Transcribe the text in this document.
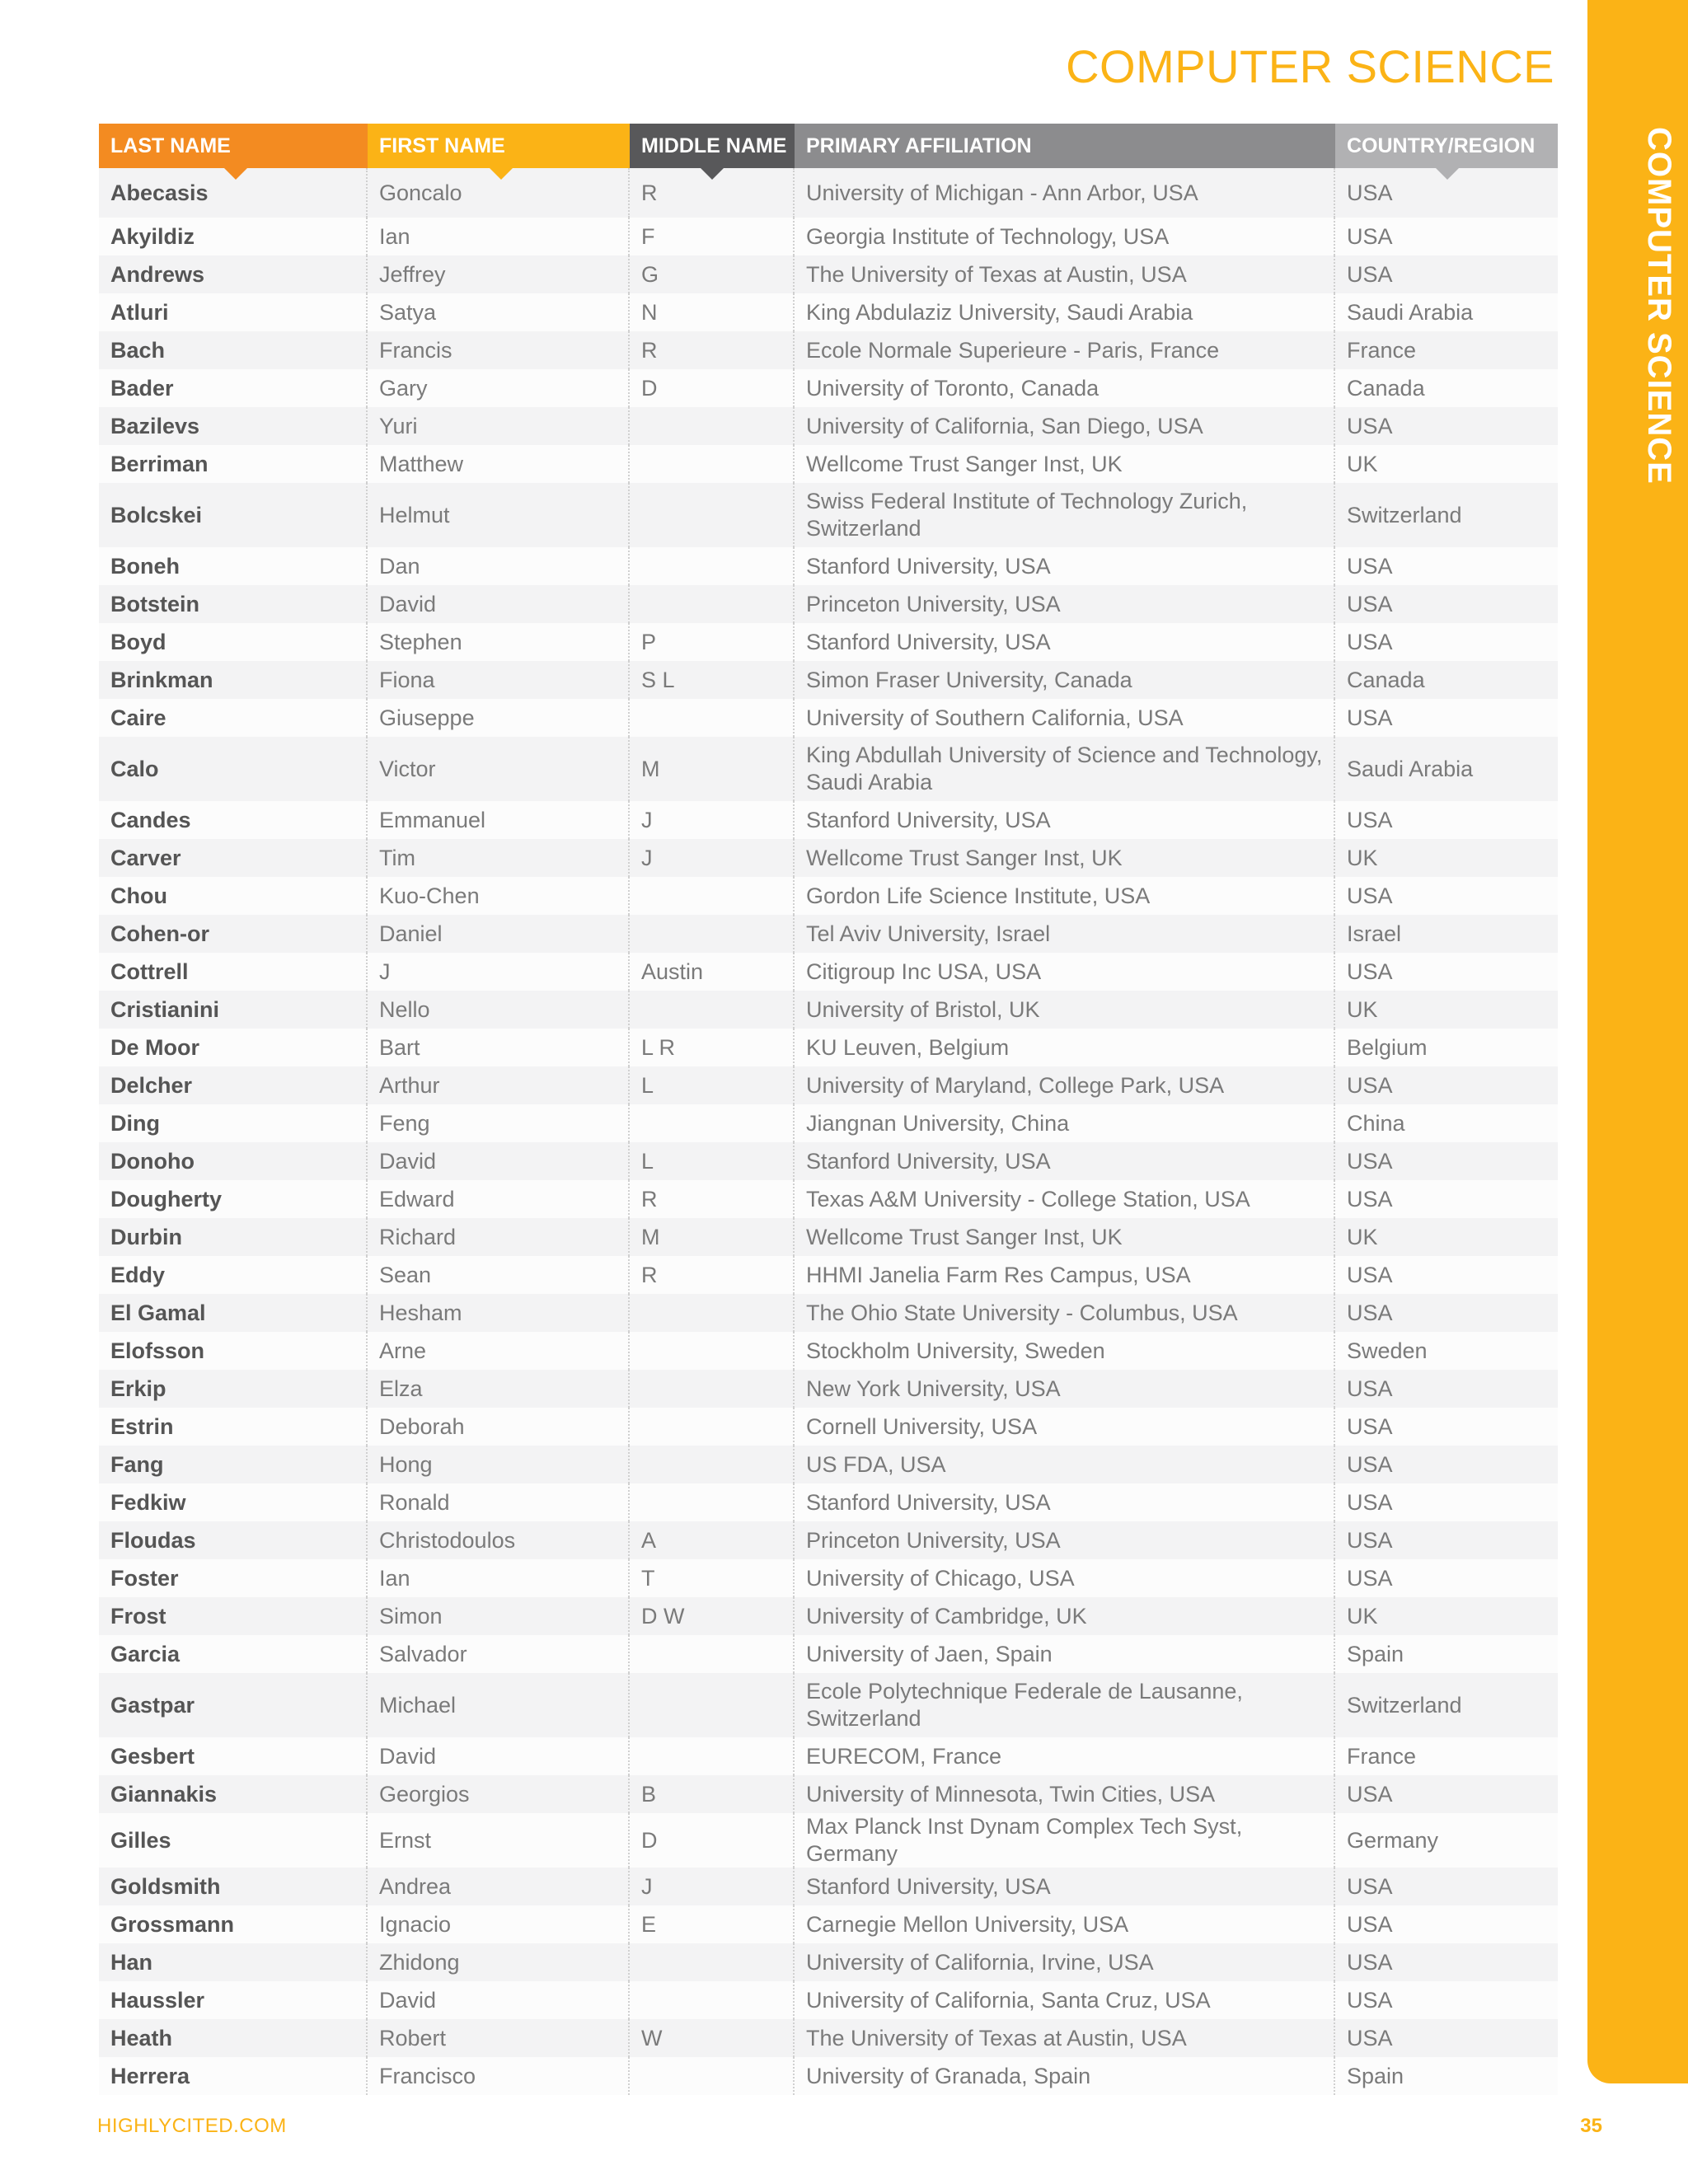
COMPUTER SCIENCE
COMPUTER SCIENCE
LAST NAME	FIRST NAME	MIDDLE NAME	PRIMARY AFFILIATION	COUNTRY/REGION

Abecasis	Goncalo	R	University of Michigan - Ann Arbor, USA	USA
Akyildiz	Ian	F	Georgia Institute of Technology, USA	USA
Andrews	Jeffrey	G	The University of Texas at Austin, USA	USA
Atluri	Satya	N	King Abdulaziz University, Saudi Arabia	Saudi Arabia
Bach	Francis	R	Ecole Normale Superieure - Paris, France	France
Bader	Gary	D	University of Toronto, Canada	Canada
Bazilevs	Yuri		University of California, San Diego, USA	USA
Berriman	Matthew		Wellcome Trust Sanger Inst, UK	UK
Bolcskei	Helmut		Swiss Federal Institute of Technology Zurich, Switzerland	Switzerland
Boneh	Dan		Stanford University, USA	USA
Botstein	David		Princeton University, USA	USA
Boyd	Stephen	P	Stanford University, USA	USA
Brinkman	Fiona	S L	Simon Fraser University, Canada	Canada
Caire	Giuseppe		University of Southern California, USA	USA
Calo	Victor	M	King Abdullah University of Science and Technology, Saudi Arabia	Saudi Arabia
Candes	Emmanuel	J	Stanford University, USA	USA
Carver	Tim	J	Wellcome Trust Sanger Inst, UK	UK
Chou	Kuo-Chen		Gordon Life Science Institute, USA	USA
Cohen-or	Daniel		Tel Aviv University, Israel	Israel
Cottrell	J	Austin	Citigroup Inc USA, USA	USA
Cristianini	Nello		University of Bristol, UK	UK
De Moor	Bart	L R	KU Leuven, Belgium	Belgium
Delcher	Arthur	L	University of Maryland, College Park, USA	USA
Ding	Feng		Jiangnan University, China	China
Donoho	David	L	Stanford University, USA	USA
Dougherty	Edward	R	Texas A&M University - College Station, USA	USA
Durbin	Richard	M	Wellcome Trust Sanger Inst, UK	UK
Eddy	Sean	R	HHMI Janelia Farm Res Campus, USA	USA
El Gamal	Hesham		The Ohio State University - Columbus, USA	USA
Elofsson	Arne		Stockholm University, Sweden	Sweden
Erkip	Elza		New York University, USA	USA
Estrin	Deborah		Cornell University, USA	USA
Fang	Hong		US FDA, USA	USA
Fedkiw	Ronald		Stanford University, USA	USA
Floudas	Christodoulos	A	Princeton University, USA	USA
Foster	Ian	T	University of Chicago, USA	USA
Frost	Simon	D W	University of Cambridge, UK	UK
Garcia	Salvador		University of Jaen, Spain	Spain
Gastpar	Michael		Ecole Polytechnique Federale de Lausanne, Switzerland	Switzerland
Gesbert	David		EURECOM, France	France
Giannakis	Georgios	B	University of Minnesota, Twin Cities, USA	USA
Gilles	Ernst	D	Max Planck Inst Dynam Complex Tech Syst, Germany	Germany
Goldsmith	Andrea	J	Stanford University, USA	USA
Grossmann	Ignacio	E	Carnegie Mellon University, USA	USA
Han	Zhidong		University of California, Irvine, USA	USA
Haussler	David		University of California, Santa Cruz, USA	USA
Heath	Robert	W	The University of Texas at Austin, USA	USA
Herrera	Francisco		University of Granada, Spain	Spain
HIGHLYCITED.COM	35
